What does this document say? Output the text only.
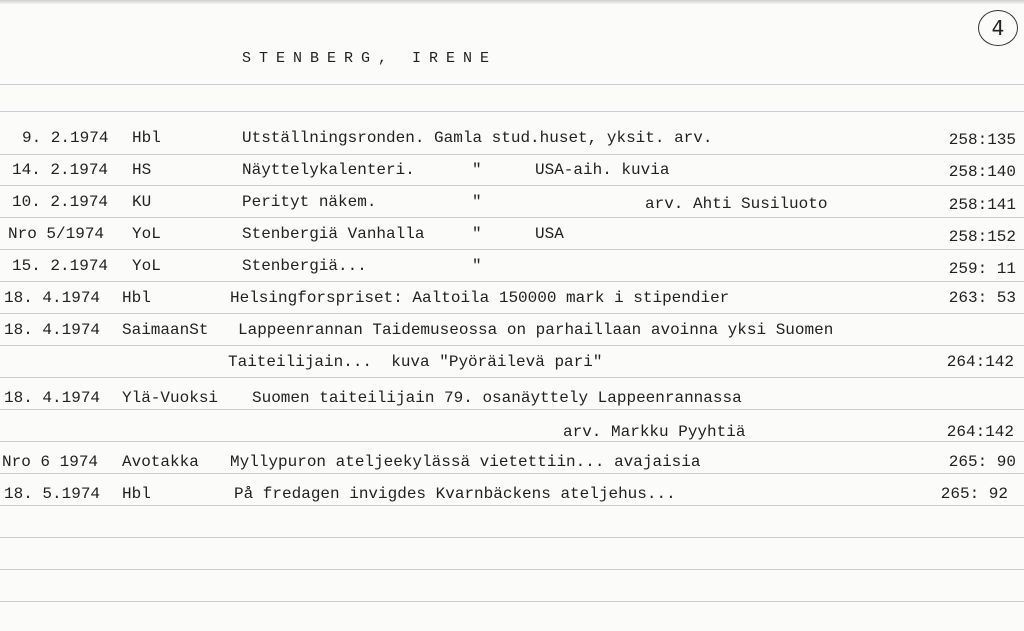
STENBERG, IRENE
4
9. 2.1974 Hbl	Utställningsronden. Gamla stud.huset, yksit. arv.	258:135
14. 2.1974 HS	Näyttelykalenteri.	"	USA-aih. kuvia	258:140
10. 2.1974 KU	Perityt näkem.	"	arv. Ahti Susiluoto	258:141
Nro 5/1974 YoL	Stenbergiä Vanhalla	"	USA	258:152
15. 2.1974 YoL	Stenbergiä...	"	259: 11
18. 4.1974 Hbl	Helsingforspriset: Aaltoila 150000 mark i stipendier	263: 53
18. 4.1974 SaimaanSt Lappeenrannan Taidemuseossa on parhaillaan avoinna yksi Suomen
Taiteilijain...  kuva "Pyöräilevä pari"	264:142
18. 4.1974 Ylä-Vuoksi Suomen taiteilijain 79. osanäyttely Lappeenrannassa
arv. Markku Pyyhtiä	264:142
Nro 6 1974 Avotakka Myllypuron ateljeekylässä vietettiin... avajaisia	265: 90
18. 5.1974 Hbl	På fredagen invigdes Kvarnbäckens ateljehus...	265: 92
